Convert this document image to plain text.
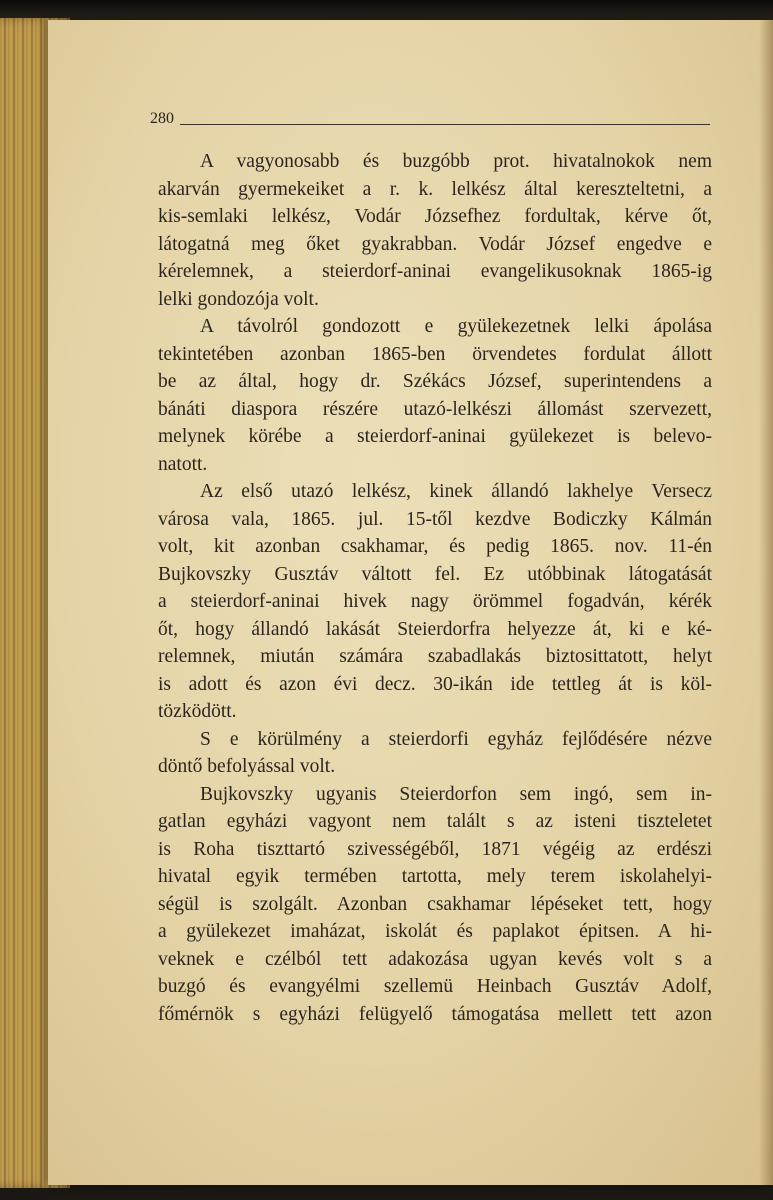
280
A vagyonosabb és buzgóbb prot. hivatalnokok nem
akarván gyermekeiket a r. k. lelkész által kereszteltetni, a
kis-semlaki lelkész, Vodár Józsefhez fordultak, kérve őt,
látogatná meg őket gyakrabban. Vodár József engedve e
kérelemnek, a steierdorf-aninai evangelikusoknak 1865-ig
lelki gondozója volt.
A távolról gondozott e gyülekezetnek lelki ápolása
tekintetében azonban 1865-ben örvendetes fordulat állott
be az által, hogy dr. Székács József, superintendens a
bánáti diaspora részére utazó-lelkészi állomást szervezett,
melynek körébe a steierdorf-aninai gyülekezet is belevo-
natott.
Az első utazó lelkész, kinek állandó lakhelye Versecz
városa vala, 1865. jul. 15-től kezdve Bodiczky Kálmán
volt, kit azonban csakhamar, és pedig 1865. nov. 11-én
Bujkovszky Gusztáv váltott fel. Ez utóbbinak látogatását
a steierdorf-aninai hivek nagy örömmel fogadván, kérék
őt, hogy állandó lakását Steierdorfra helyezze át, ki e ké-
relemnek, miután számára szabadlakás biztosittatott, helyt
is adott és azon évi decz. 30-ikán ide tettleg át is köl-
tözködött.
S e körülmény a steierdorfi egyház fejlődésére nézve
döntő befolyással volt.
Bujkovszky ugyanis Steierdorfon sem ingó, sem in-
gatlan egyházi vagyont nem talált s az isteni tiszteletet
is Roha tiszttartó szivességéből, 1871 végéig az erdészi
hivatal egyik termében tartotta, mely terem iskolahelyi-
ségül is szolgált. Azonban csakhamar lépéseket tett, hogy
a gyülekezet imaházat, iskolát és paplakot épitsen. A hi-
veknek e czélból tett adakozása ugyan kevés volt s a
buzgó és evangyélmi szellemü Heinbach Gusztáv Adolf,
főmérnök s egyházi felügyelő támogatása mellett tett azon
